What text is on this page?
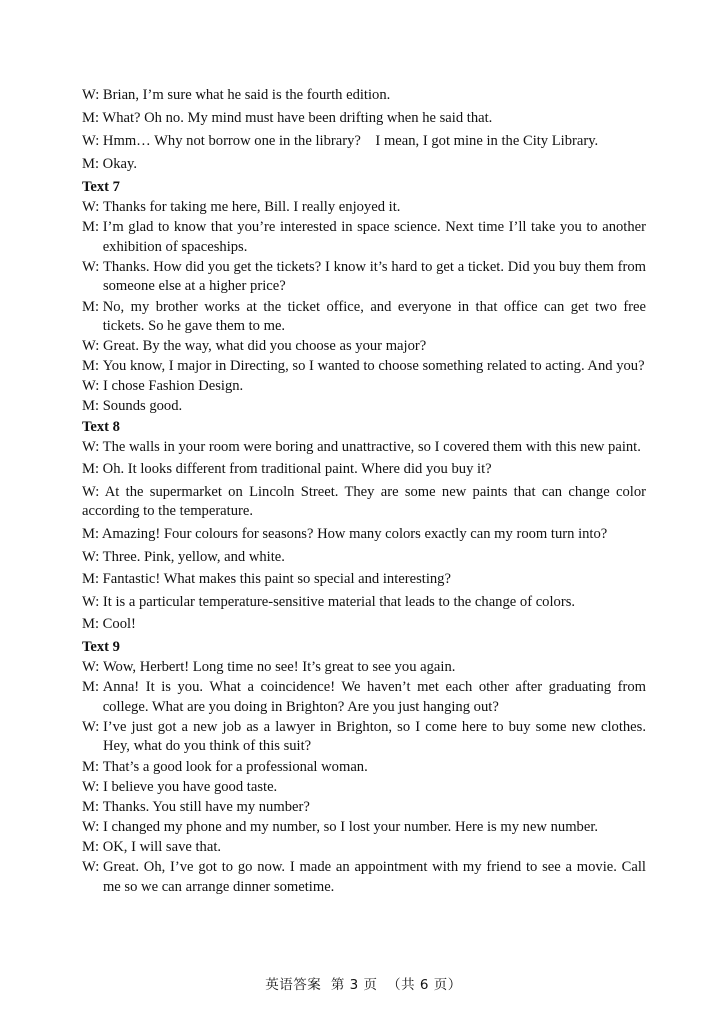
W: Brian, I’m sure what he said is the fourth edition.

M: What? Oh no. My mind must have been drifting when he said that.

W: Hmm… Why not borrow one in the library?    I mean, I got mine in the City Library.

M: Okay.

Text 7
W: Thanks for taking me here, Bill. I really enjoyed it.
M: I’m glad to know that you’re interested in space science. Next time I’ll take you to another exhibition of spaceships.
W: Thanks. How did you get the tickets? I know it’s hard to get a ticket. Did you buy them from someone else at a higher price?
M: No, my brother works at the ticket office, and everyone in that office can get two free tickets. So he gave them to me.
W: Great. By the way, what did you choose as your major?
M: You know, I major in Directing, so I wanted to choose something related to acting. And you?
W: I chose Fashion Design.
M: Sounds good.
Text 8

W: The walls in your room were boring and unattractive, so I covered them with this new paint.

M: Oh. It looks different from traditional paint. Where did you buy it?

W: At the supermarket on Lincoln Street. They are some new paints that can change color according to the temperature.

M: Amazing! Four colours for seasons? How many colors exactly can my room turn into?

W: Three. Pink, yellow, and white.

M: Fantastic! What makes this paint so special and interesting?

W: It is a particular temperature-sensitive material that leads to the change of colors.

M: Cool!

Text 9
W: Wow, Herbert! Long time no see! It’s great to see you again.
M: Anna! It is you. What a coincidence! We haven’t met each other after graduating from college. What are you doing in Brighton? Are you just hanging out?
W: I’ve just got a new job as a lawyer in Brighton, so I come here to buy some new clothes. Hey, what do you think of this suit?
M: That’s a good look for a professional woman.
W: I believe you have good taste.
M: Thanks. You still have my number?
W: I changed my phone and my number, so I lost your number. Here is my new number.
M: OK, I will save that.
W: Great. Oh, I’ve got to go now. I made an appointment with my friend to see a movie. Call me so we can arrange dinner sometime.
英语答案  第 3 页  （共 6 页）
